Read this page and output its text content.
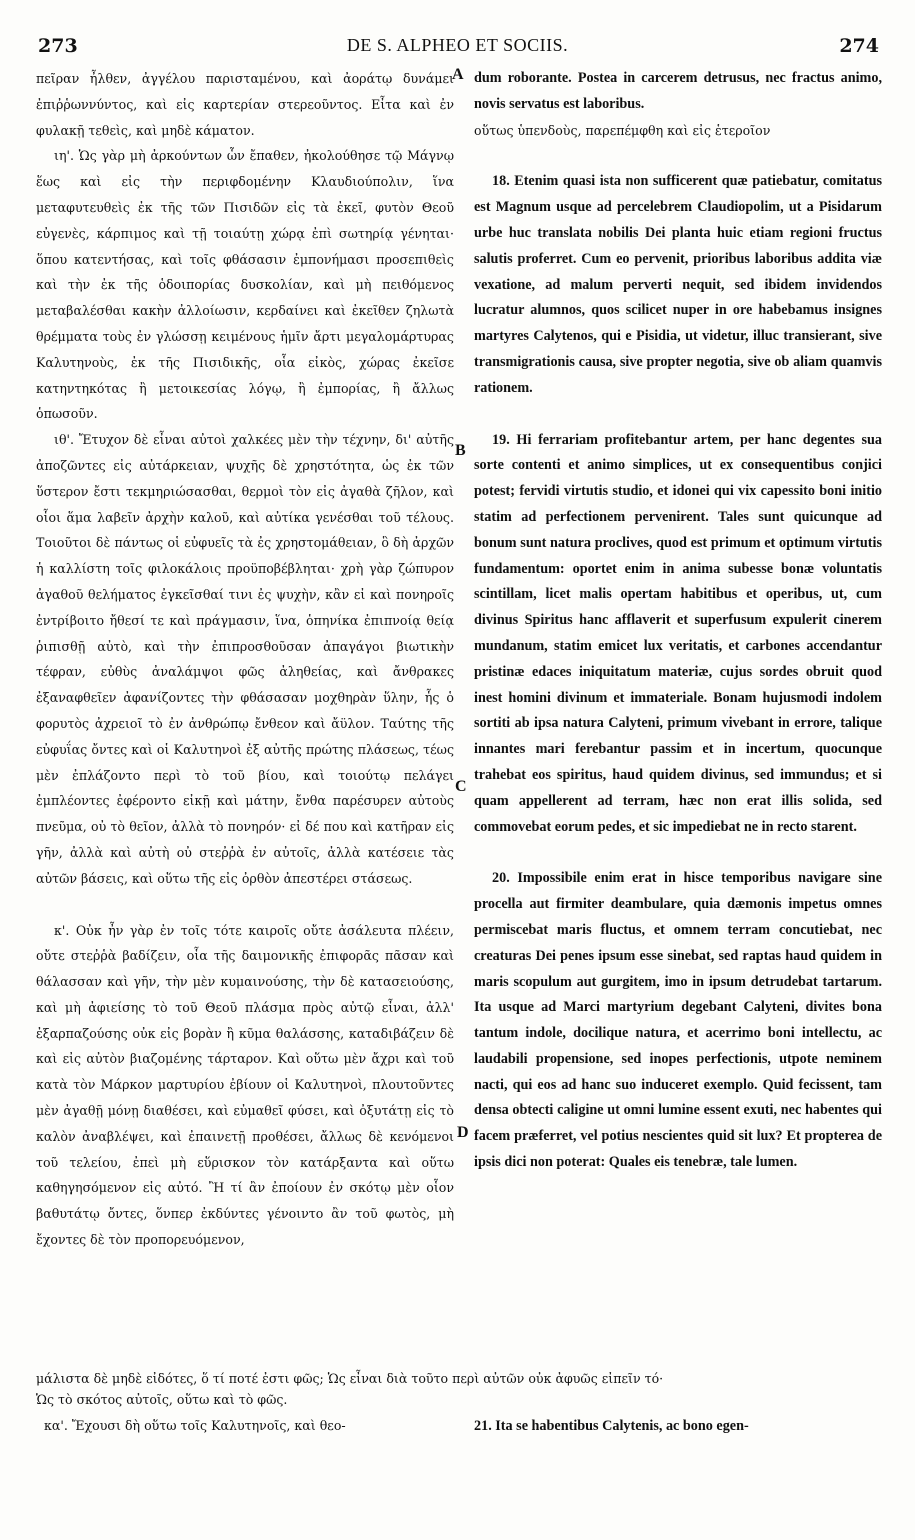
273	DE S. ALPHEO ET SOCIIS.	274
A
B
C
D

πεῖραν ἦλθεν, ἀγγέλου παρισταμένου, καὶ ἀοράτῳ δυνάμει ἐπιῤῥωννύντος, καὶ εἰς καρτερίαν στερεοῦντος. Εἶτα καὶ ἐν φυλακῇ τεθεὶς, καὶ μηδὲ κάματον.

ιη'. Ὡς γὰρ μὴ ἀρκούντων ὧν ἔπαθεν, ἠκολούθησε τῷ Μάγνῳ ἕως καὶ εἰς τὴν περιφδομένην Κλαυδιούπολιν, ἵνα μεταφυτευθεὶς ἐκ τῆς τῶν Πισιδῶν εἰς τὰ ἐκεῖ, φυτὸν Θεοῦ εὐγενὲς, κάρπιμος καὶ τῇ τοιαύτῃ χώρᾳ ἐπὶ σωτηρίᾳ γένηται· ὅπου κατεντήσας, καὶ τοῖς φθάσασιν ἐμπονήμασι προσεπιθεὶς καὶ τὴν ἐκ τῆς ὁδοιπορίας δυσκολίαν, καὶ μὴ πειθόμενος μεταβαλέσθαι κακὴν ἀλλοίωσιν, κερδαίνει καὶ ἐκεῖθεν ζηλωτὰ θρέμματα τοὺς ἐν γλώσσῃ κειμένους ἡμῖν ἄρτι μεγαλομάρτυρας Καλυτηνοὺς, ἐκ τῆς Πισιδικῆς, οἷα εἰκὸς, χώρας ἐκεῖσε κατηντηκότας ἢ μετοικεσίας λόγῳ, ἢ ἐμπορίας, ἢ ἄλλως ὁπωσοῦν.

ιθ'. Ἔτυχον δὲ εἶναι αὐτοὶ χαλκέες μὲν τὴν τέχνην, δι' αὐτῆς ἀποζῶντες εἰς αὐτάρκειαν, ψυχῆς δὲ χρηστότητα, ὡς ἐκ τῶν ὕστερον ἔστι τεκμηριώσασθαι, θερμοὶ τὸν εἰς ἀγαθὰ ζῆλον, καὶ οἷοι ἅμα λαβεῖν ἀρχὴν καλοῦ, καὶ αὐτίκα γενέσθαι τοῦ τέλους. Τοιοῦτοι δὲ πάντως οἱ εὐφυεῖς τὰ ἐς χρηστομάθειαν, ὃ δὴ ἀρχῶν ἡ καλλίστη τοῖς φιλοκάλοις προϋποβέβληται· χρὴ γὰρ ζώπυρον ἀγαθοῦ θελήματος ἐγκεῖσθαί τινι ἐς ψυχὴν, κἂν εἰ καὶ πονηροῖς ἐντρίβοιτο ἤθεσί τε καὶ πράγμασιν, ἵνα, ὁπηνίκα ἐπιπνοίᾳ θείᾳ ῥιπισθῇ αὐτὸ, καὶ τὴν ἐπιπροσθοῦσαν ἀπαγάγοι βιωτικὴν τέφραν, εὐθὺς ἀναλάμψοι φῶς ἀληθείας, καὶ ἄνθρακες ἐξαναφθεῖεν ἀφανίζοντες τὴν φθάσασαν μοχθηρὰν ὕλην, ἧς ὁ φορυτὸς ἀχρειοῖ τὸ ἐν ἀνθρώπῳ ἔνθεον καὶ ἄϋλον. Ταύτης τῆς εὐφυΐας ὄντες καὶ οἱ Καλυτηνοὶ ἐξ αὐτῆς πρώτης πλάσεως, τέως μὲν ἐπλάζοντο περὶ τὸ τοῦ βίου, καὶ τοιούτῳ πελάγει ἐμπλέοντες ἐφέροντο εἰκῇ καὶ μάτην, ἔνθα παρέσυρεν αὐτοὺς πνεῦμα, οὐ τὸ θεῖον, ἀλλὰ τὸ πονηρόν· εἰ δέ που καὶ κατῆραν εἰς γῆν, ἀλλὰ καὶ αὐτὴ οὐ στεῤῥὰ ἐν αὐτοῖς, ἀλλὰ κατέσειε τὰς αὐτῶν βάσεις, καὶ οὕτω τῆς εἰς ὀρθὸν ἀπεστέρει στάσεως.

κ'. Οὐκ ἦν γὰρ ἐν τοῖς τότε καιροῖς οὔτε ἀσάλευτα πλέειν, οὔτε στεῤῥὰ βαδίζειν, οἷα τῆς δαιμονικῆς ἐπιφορᾶς πᾶσαν καὶ θάλασσαν καὶ γῆν, τὴν μὲν κυμαινούσης, τὴν δὲ κατασειούσης, καὶ μὴ ἀφιείσης τὸ τοῦ Θεοῦ πλάσμα πρὸς αὐτῷ εἶναι, ἀλλ' ἐξαρπαζούσης οὐκ εἰς βορὰν ἢ κῦμα θαλάσσης, καταδιβάζειν δὲ καὶ εἰς αὐτὸν βιαζομένης τάρταρον. Καὶ οὕτω μὲν ἄχρι καὶ τοῦ κατὰ τὸν Μάρκον μαρτυρίου ἐβίουν οἱ Καλυτηνοὶ, πλουτοῦντες μὲν ἀγαθῇ μόνῃ διαθέσει, καὶ εὐμαθεῖ φύσει, καὶ ὀξυτάτῃ εἰς τὸ καλὸν ἀναβλέψει, καὶ ἐπαινετῇ προθέσει, ἄλλως δὲ κενόμενοι τοῦ τελείου, ἐπεὶ μὴ εὕρισκον τὸν κατάρξαντα καὶ οὕτω καθηγησόμενον εἰς αὐτό. Ἢ τί ἂν ἐποίουν ἐν σκότῳ μὲν οἷον βαθυτάτῳ ὄντες, ὅνπερ ἐκδύντες γένοιντο ἂν τοῦ φωτὸς, μὴ ἔχοντες δὲ τὸν προπορευόμενον,

dum roborante. Postea in carcerem detrusus, nec fractus animo, novis servatus est laboribus.

οὕτως ὑπενδοὺς, παρεπέμφθη καὶ εἰς ἑτεροῖον

18. Etenim quasi ista non sufficerent quæ patiebatur, comitatus est Magnum usque ad percelebrem Claudiopolim, ut a Pisidarum urbe huc translata nobilis Dei planta huic etiam regioni fructus salutis proferret. Cum eo pervenit, prioribus laboribus addita viæ vexatione, ad malum perverti nequit, sed ibidem invidendos lucratur alumnos, quos scilicet nuper in ore habebamus insignes martyres Calytenos, qui e Pisidia, ut videtur, illuc transierant, sive transmigrationis causa, sive propter negotia, sive ob aliam quamvis rationem.

19. Hi ferrariam profitebantur artem, per hanc degentes sua sorte contenti et animo simplices, ut ex consequentibus conjici potest; fervidi virtutis studio, et idonei qui vix capessito boni initio statim ad perfectionem pervenirent. Tales sunt quicunque ad bonum sunt natura proclives, quod est primum et optimum virtutis fundamentum: oportet enim in anima subesse bonæ voluntatis scintillam, licet malis opertam habitibus et operibus, ut, cum divinus Spiritus hanc afflaverit et superfusum expulerit cinerem mundanum, statim emicet lux veritatis, et carbones accendantur pristinæ edaces iniquitatum materiæ, cujus sordes obruit quod inest homini divinum et immateriale. Bonam hujusmodi indolem sortiti ab ipsa natura Calyteni, primum vivebant in errore, talique innantes mari ferebantur passim et in incertum, quocunque trahebat eos spiritus, haud quidem divinus, sed immundus; et si quam appellerent ad terram, hæc non erat illis solida, sed commovebat eorum pedes, et sic impediebat ne in recto starent.

20. Impossibile enim erat in hisce temporibus navigare sine procella aut firmiter deambulare, quia dæmonis impetus omnes permiscebat maris fluctus, et omnem terram concutiebat, nec creaturas Dei penes ipsum esse sinebat, sed raptas haud quidem in maris scopulum aut gurgitem, imo in ipsum detrudebat tartarum. Ita usque ad Marci martyrium degebant Calyteni, divites bona tantum indole, docilique natura, et acerrimo boni intellectu, ac laudabili propensione, sed inopes perfectionis, utpote neminem nacti, qui eos ad hanc suo induceret exemplo. Quid fecissent, tam densa obtecti caligine ut omni lumine essent exuti, nec habentes qui facem præferret, vel potius nescientes quid sit lux? Et propterea de ipsis dici non poterat: Quales eis tenebræ, tale lumen.

μάλιστα δὲ μηδὲ εἰδότες, ὅ τί ποτέ ἐστι φῶς; Ὡς εἶναι διὰ τοῦτο περὶ αὐτῶν οὐκ ἀφυῶς εἰπεῖν τό·
Ὡς τὸ σκότος αὐτοῖς, οὕτω καὶ τὸ φῶς.
κα'. Ἔχουσι δὴ οὕτω τοῖς Καλυτηνοῖς, καὶ θεο-	21. Ita se habentibus Calytenis, ac bono egen-
